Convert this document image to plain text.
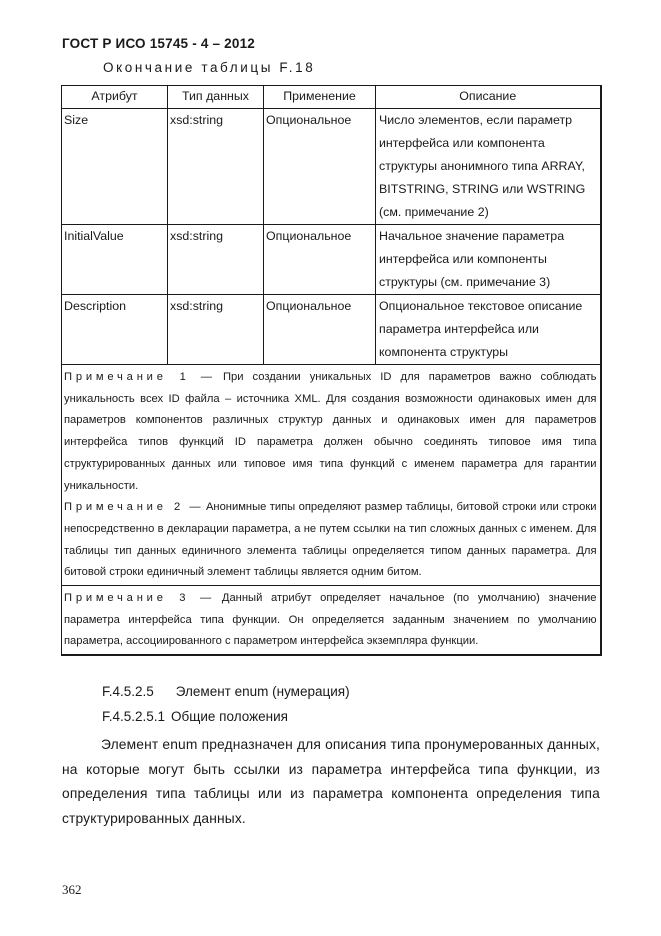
ГОСТ Р ИСО 15745 - 4 – 2012
Окончание таблицы F.18
Атрибут	Тип данных	Применение	Описание
Size	xsd:string	Опциональное	Число элементов, если параметр интерфейса или компонента структуры анонимного типа ARRAY, BITSTRING, STRING или WSTRING (см. примечание 2)
InitialValue	xsd:string	Опциональное	Начальное значение параметра интерфейса или компоненты структуры (см. примечание 3)
Description	xsd:string	Опциональное	Опциональное текстовое описание параметра интерфейса или компонента структуры
Примечание 1 — При создании уникальных ID для параметров важно соблюдать уникальность всех ID файла – источника XML. Для создания возможности одинаковых имен для параметров компонентов различных структур данных и одинаковых имен для параметров интерфейса типов функций ID параметра должен обычно соединять типовое имя типа структурированных данных или типовое имя типа функций с именем параметра для гарантии уникальности.
Примечание 2 — Анонимные типы определяют размер таблицы, битовой строки или строки непосредственно в декларации параметра, а не путем ссылки на тип сложных данных с именем. Для таблицы тип данных единичного элемента таблицы определяется типом данных параметра. Для битовой строки единичный элемент таблицы является одним битом.			
Примечание 3 — Данный атрибут определяет начальное (по умолчанию) значение параметра интерфейса типа функции. Он определяется заданным значением по умолчанию параметра, ассоциированного с параметром интерфейса экземпляра функции.			
F.4.5.2.5 Элемент enum (нумерация)
F.4.5.2.5.1 Общие положения
Элемент enum предназначен для описания типа пронумерованных данных, на которые могут быть ссылки из параметра интерфейса типа функции, из определения типа таблицы или из параметра компонента определения типа структурированных данных.
362
